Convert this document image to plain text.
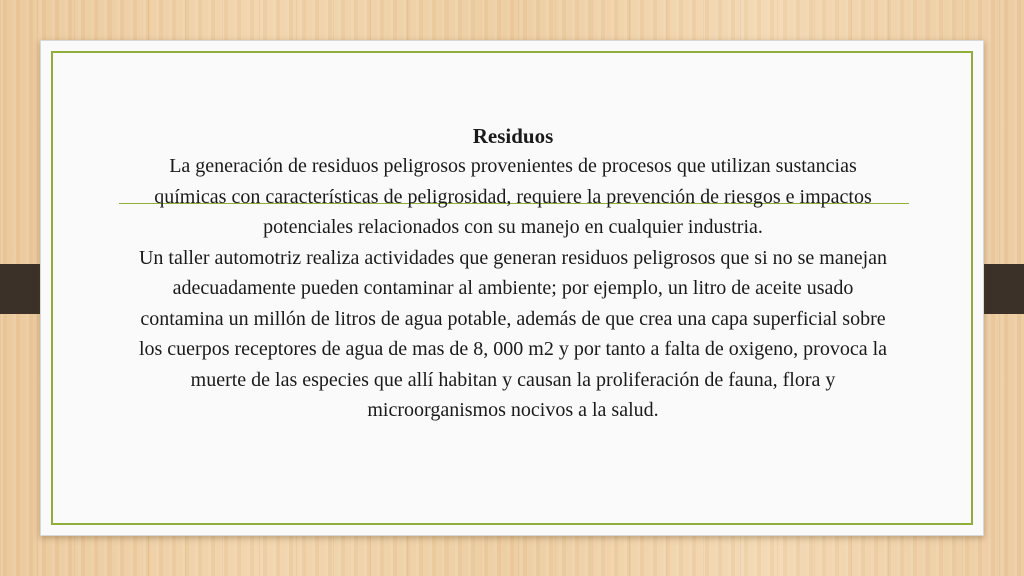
Residuos

La generación de residuos peligrosos provenientes de procesos que utilizan sustancias químicas con características de peligrosidad, requiere la prevención de riesgos e impactos potenciales relacionados con su manejo en cualquier industria.

Un taller automotriz realiza actividades que generan residuos peligrosos que si no se manejan adecuadamente pueden contaminar al ambiente; por ejemplo, un litro de aceite usado contamina un millón de litros de agua potable, además de que crea una capa superficial sobre los cuerpos receptores de agua de mas de 8, 000 m2 y por tanto a falta de oxigeno, provoca la muerte de las especies que allí habitan y causan la proliferación de fauna, flora y microorganismos nocivos a la salud.
